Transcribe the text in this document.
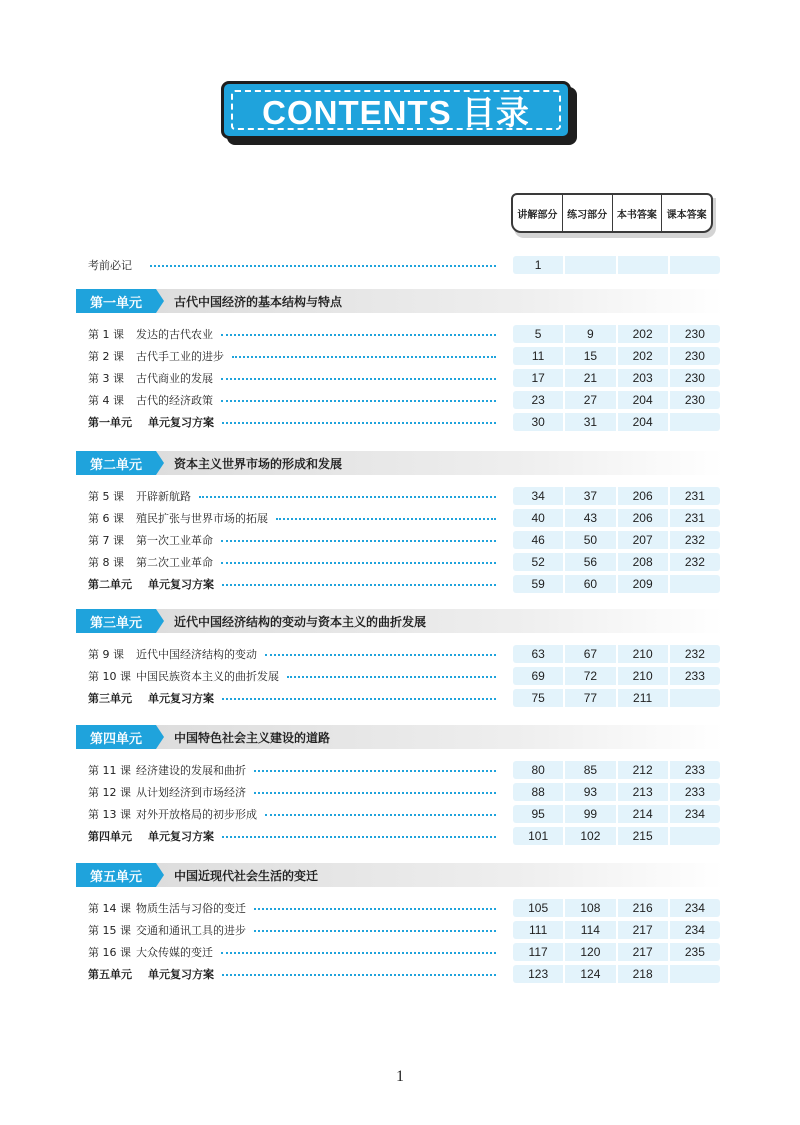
CONTENTS 目录
讲解部分 练习部分 本书答案 课本答案
考前必记	1
第一单元	古代中国经济的基本结构与特点
第 1 课 发达的古代农业	5	9	202	230
第 2 课 古代手工业的进步	11	15	202	230
第 3 课 古代商业的发展	17	21	203	230
第 4 课 古代的经济政策	23	27	204	230
第一单元 单元复习方案	30	31	204
第二单元	资本主义世界市场的形成和发展
第 5 课 开辟新航路	34	37	206	231
第 6 课 殖民扩张与世界市场的拓展	40	43	206	231
第 7 课 第一次工业革命	46	50	207	232
第 8 课 第二次工业革命	52	56	208	232
第二单元 单元复习方案	59	60	209
第三单元	近代中国经济结构的变动与资本主义的曲折发展
第 9 课 近代中国经济结构的变动	63	67	210	232
第 10 课 中国民族资本主义的曲折发展	69	72	210	233
第三单元 单元复习方案	75	77	211
第四单元	中国特色社会主义建设的道路
第 11 课 经济建设的发展和曲折	80	85	212	233
第 12 课 从计划经济到市场经济	88	93	213	233
第 13 课 对外开放格局的初步形成	95	99	214	234
第四单元 单元复习方案	101	102	215
第五单元	中国近现代社会生活的变迁
第 14 课 物质生活与习俗的变迁	105	108	216	234
第 15 课 交通和通讯工具的进步	111	114	217	234
第 16 课 大众传媒的变迁	117	120	217	235
第五单元 单元复习方案	123	124	218
1
